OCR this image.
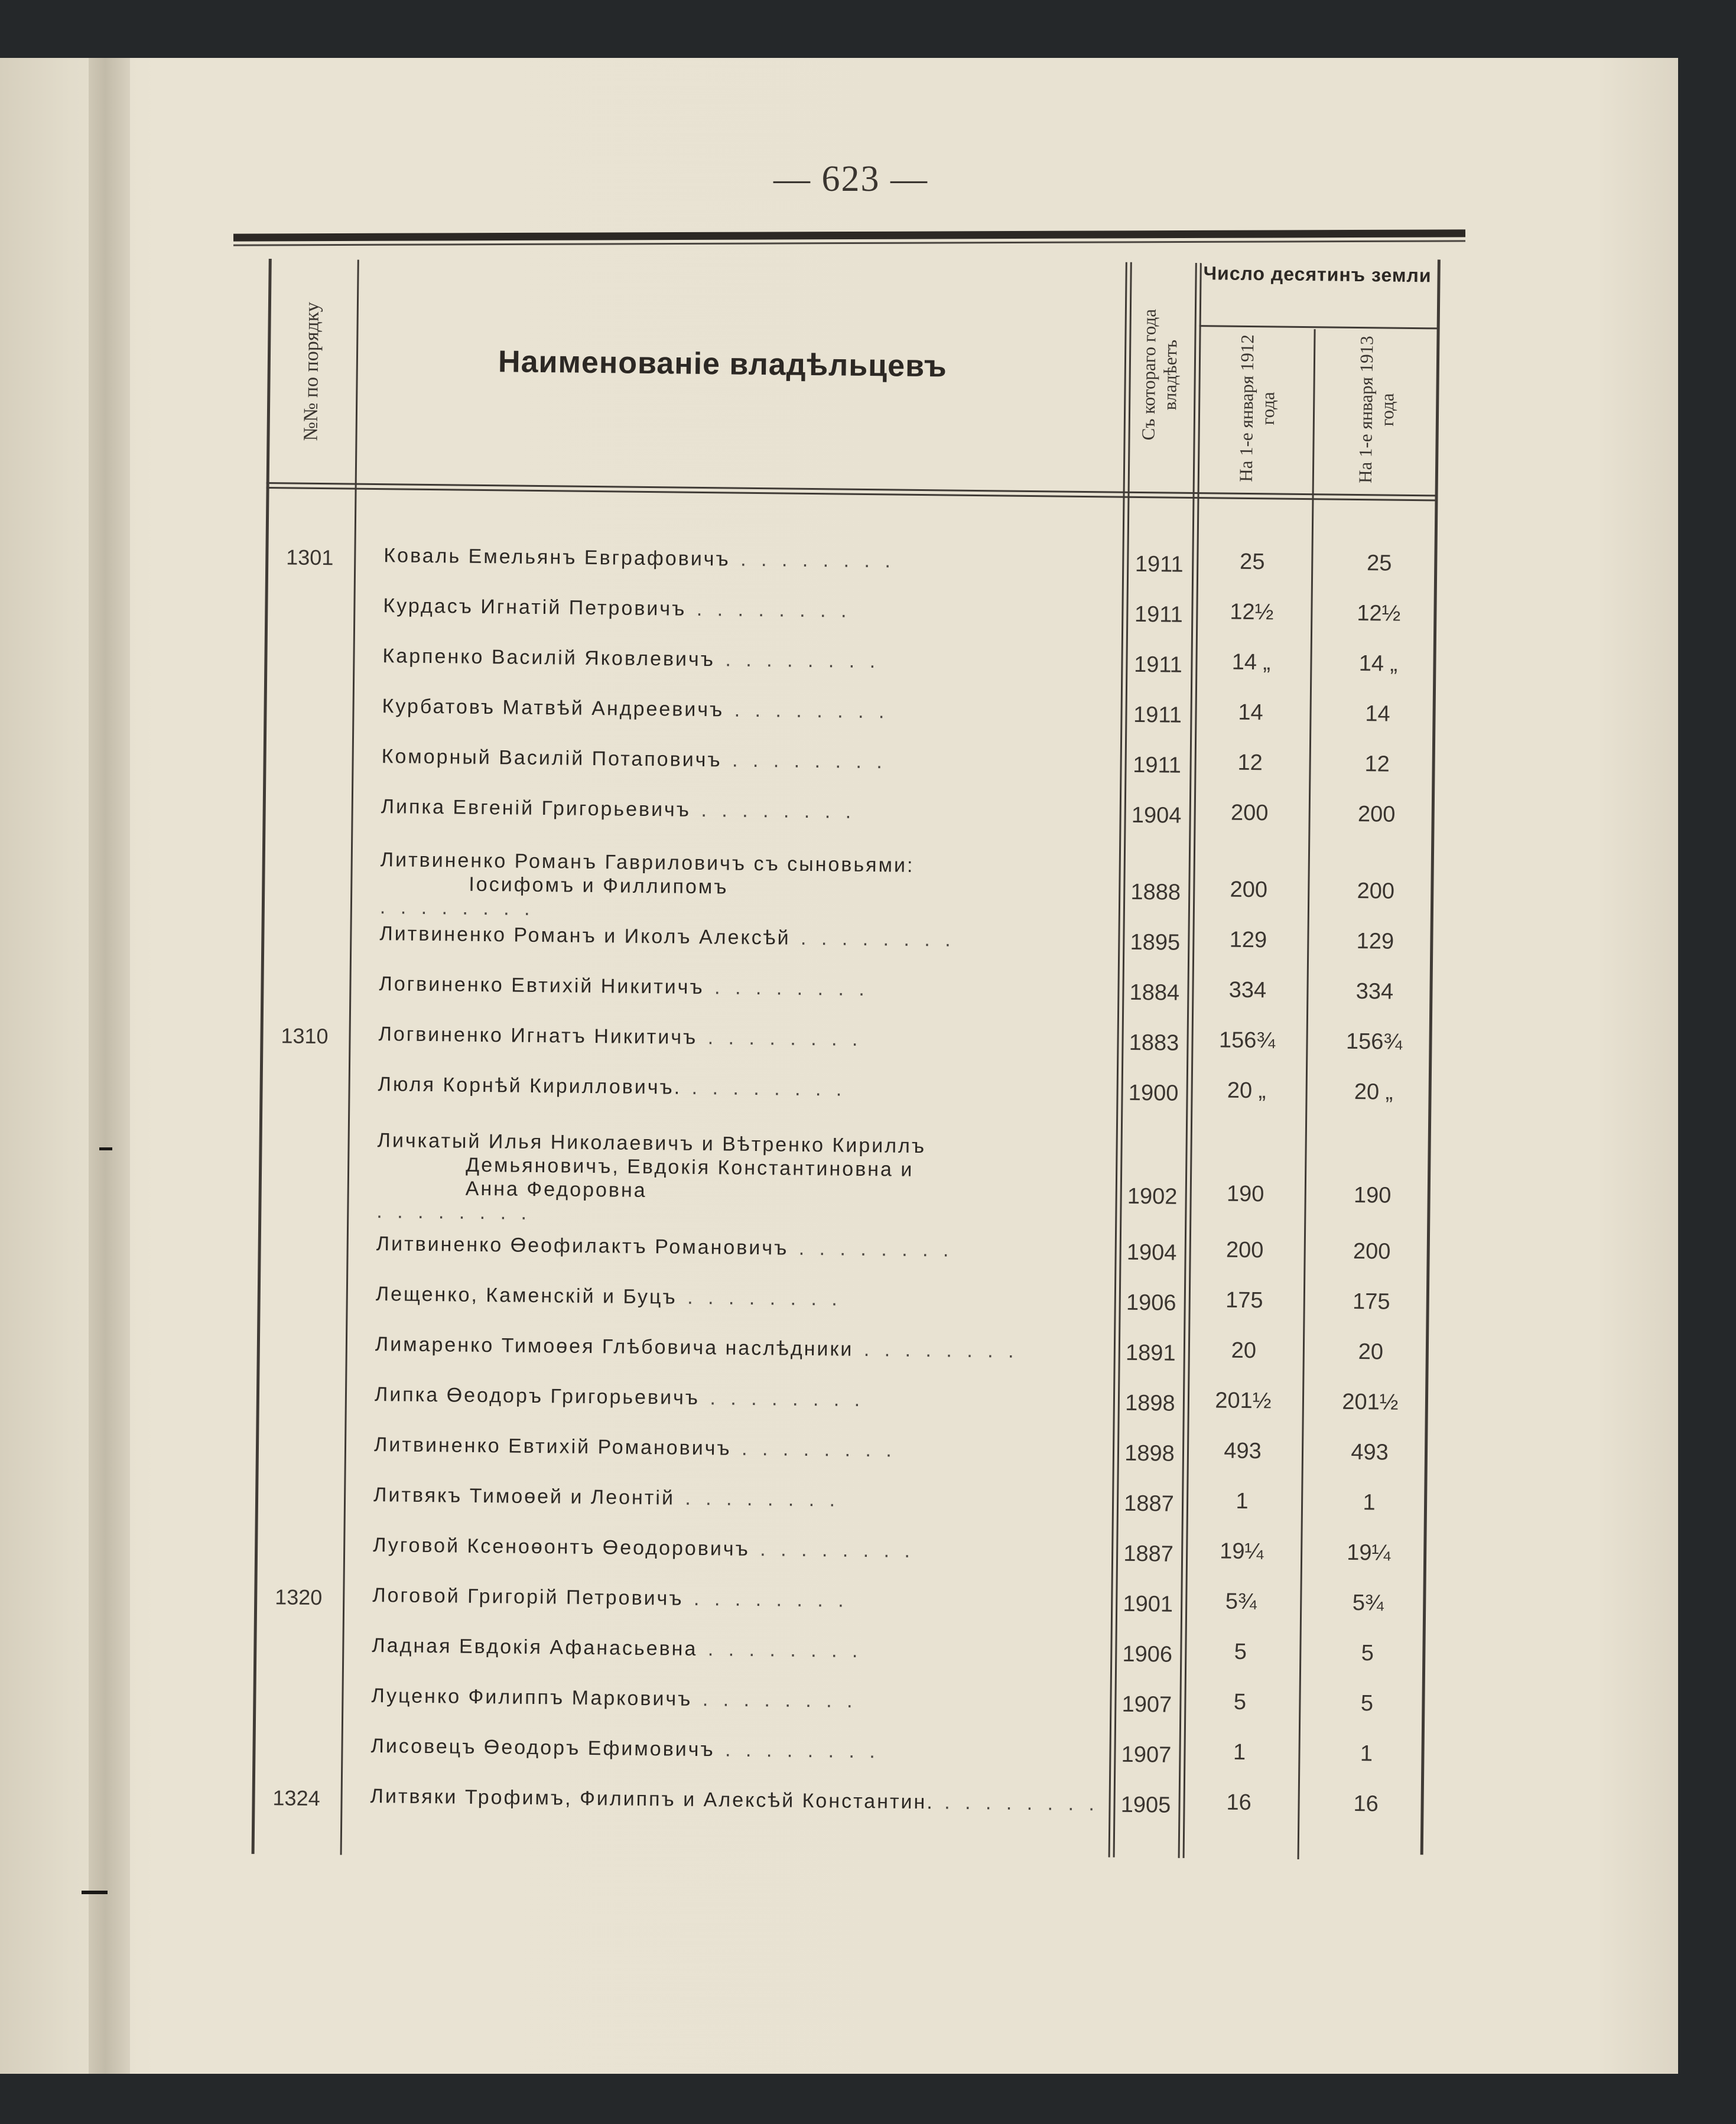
— 623 —
№№ по порядку	Наименованіе владѣльцевъ	Съ котораго года владѣетъ
Число десятинъ земли
На 1-е января 1912 года	На 1-е января 1913 года
1301	Коваль Емельянъ Евграфовичъ . . . . . . . .	1911	25	25
Курдасъ Игнатій Петровичъ . . . . . . . .	1911	12½	12½
Карпенко Василій Яковлевичъ . . . . . . . .	1911	14 „	14 „
Курбатовъ Матвѣй Андреевичъ . . . . . . . .	1911	14	14
Коморный Василій Потаповичъ . . . . . . . .	1911	12	12
Липка Евгеній Григорьевичъ . . . . . . . .	1904	200	200
Литвиненко Романъ Гавриловичъ съ сыновьями:
Іосифомъ и Филлипомъ
. . . . . . . .
1888	200	200
Литвиненко Романъ и Иколъ Алексѣй . . . . . . . .	1895	129	129
Логвиненко Евтихій Никитичъ . . . . . . . .	1884	334	334
1310	Логвиненко Игнатъ Никитичъ . . . . . . . .	1883	156¾	156¾
Люля Корнѣй Кирилловичъ. . . . . . . . .	1900	20 „	20 „
Личкатый Илья Николаевичъ и Вѣтренко Кириллъ
Демьяновичъ, Евдокія Константиновна и
Анна Федоровна
. . . . . . . .
1902	190	190
Литвиненко Өеофилактъ Романовичъ . . . . . . . .	1904	200	200
Лещенко, Каменскій и Буцъ . . . . . . . .	1906	175	175
Лимаренко Тимоөея Глѣбовича наслѣдники . . . . . . . .	1891	20	20
Липка Өеодоръ Григорьевичъ . . . . . . . .	1898	201½	201½
Литвиненко Евтихій Романовичъ . . . . . . . .	1898	493	493
Литвякъ Тимоөей и Леонтій . . . . . . . .	1887	1	1
Луговой Ксеноөонтъ Өеодоровичъ . . . . . . . .	1887	19¼	19¼
1320	Логовой Григорій Петровичъ . . . . . . . .	1901	5¾	5¾
Ладная Евдокія Афанасьевна . . . . . . . .	1906	5	5
Луценко Филиппъ Марковичъ . . . . . . . .	1907	5	5
Лисовецъ Өеодоръ Ефимовичъ . . . . . . . .	1907	1	1
1324	Литвяки Трофимъ, Филиппъ и Алексѣй Константин. . . . . . . . . 1905	16	16
